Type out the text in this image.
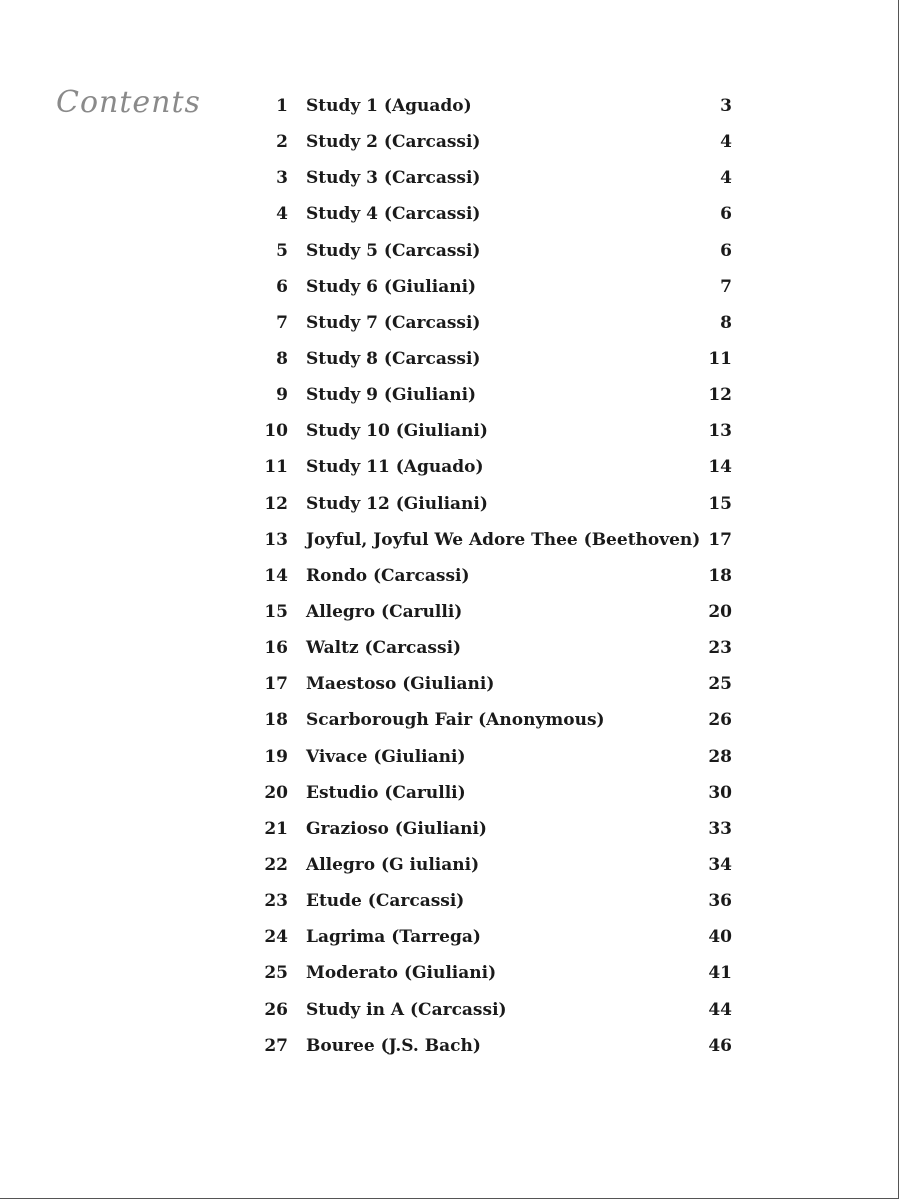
Contents	1 Study 1 (Aguado)	3
2 Study 2 (Carcassi)	4
3 Study 3 (Carcassi)	4
4 Study 4 (Carcassi)	6
5 Study 5 (Carcassi)	6
6 Study 6 (Giuliani)	7
7 Study 7 (Carcassi)	8
8 Study 8 (Carcassi)	11
9 Study 9 (Giuliani)	12
10 Study 10 (Giuliani)	13
11 Study 11 (Aguado)	14
12 Study 12 (Giuliani)	15
13 Joyful, Joyful We Adore Thee (Beethoven) 17
14 Rondo (Carcassi)	18
15 Allegro (Carulli)	20
16 Waltz (Carcassi)	23
17 Maestoso (Giuliani)	25
18 Scarborough Fair (Anonymous)	26
19 Vivace (Giuliani)	28
20 Estudio (Carulli)	30
21 Grazioso (Giuliani)	33
22 Allegro (G iuliani)	34
23 Etude (Carcassi)	36
24 Lagrima (Tarrega)	40
25 Moderato (Giuliani)	41
26 Study in A (Carcassi)	44
27 Bouree (J.S. Bach)	46
